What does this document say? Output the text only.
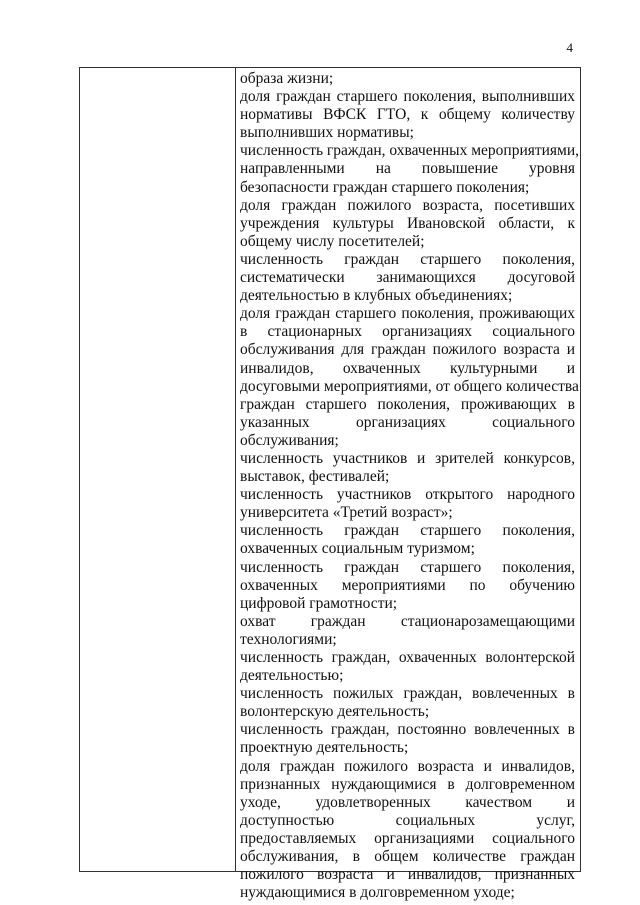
4
образа жизни;
доля граждан старшего поколения, выполнивших
нормативы ВФСК ГТО, к общему количеству
выполнивших нормативы;
численность граждан, охваченных мероприятиями,
направленными на повышение уровня
безопасности граждан старшего поколения;
доля граждан пожилого возраста, посетивших
учреждения культуры Ивановской области, к
общему числу посетителей;
численность граждан старшего поколения,
систематически занимающихся досуговой
деятельностью в клубных объединениях;
доля граждан старшего поколения, проживающих
в стационарных организациях социального
обслуживания для граждан пожилого возраста и
инвалидов, охваченных культурными и
досуговыми мероприятиями, от общего количества
граждан старшего поколения, проживающих в
указанных организациях социального
обслуживания;
численность участников и зрителей конкурсов,
выставок, фестивалей;
численность участников открытого народного
университета «Третий возраст»;
численность граждан старшего поколения,
охваченных социальным туризмом;
численность граждан старшего поколения,
охваченных мероприятиями по обучению
цифровой грамотности;
охват граждан стационарозамещающими
технологиями;
численность граждан, охваченных волонтерской
деятельностью;
численность пожилых граждан, вовлеченных в
волонтерскую деятельность;
численность граждан, постоянно вовлеченных в
проектную деятельность;
доля граждан пожилого возраста и инвалидов,
признанных нуждающимися в долговременном
уходе, удовлетворенных качеством и
доступностью социальных услуг,
предоставляемых организациями социального
обслуживания, в общем количестве граждан
пожилого возраста и инвалидов, признанных
нуждающимися в долговременном уходе;
